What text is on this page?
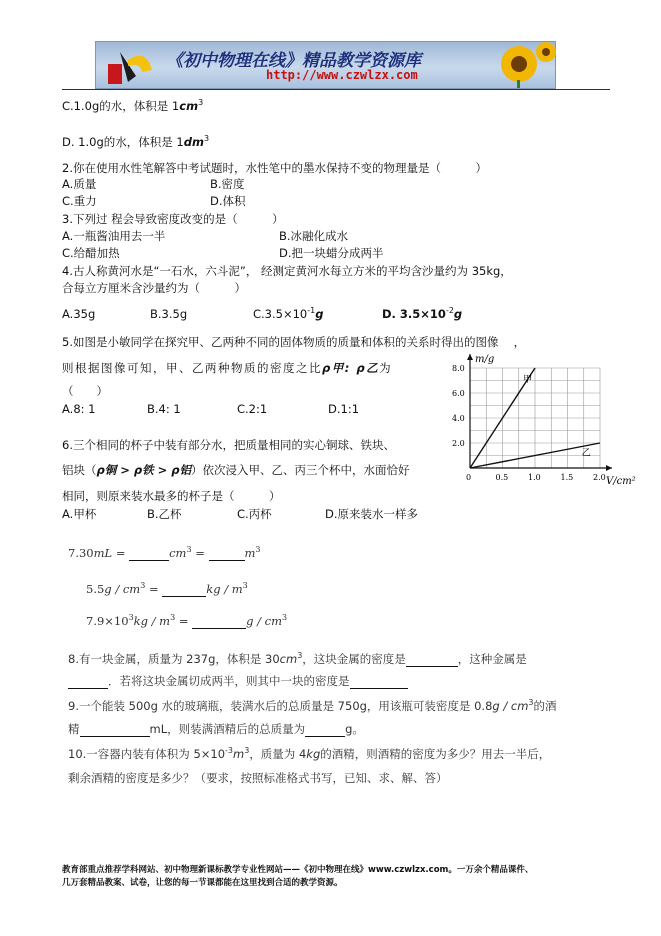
《初中物理在线》精品教学资源库
http://www.czwlzx.com
C.1.0g的水，体积是 $1cm^3$
D. 1.0g的水，体积是 $1dm^3$
2.你在使用水性笔解答中考试题时，水性笔中的墨水保持不变的物理量是（　　　）
A.质量	B.密度
C.重力	D.体积
3.下列过 程会导致密度改变的是（　　　）
A.一瓶酱油用去一半	B.冰融化成水
C.给醋加热	D.把一块蜡分成两半
4.古人称黄河水是“一石水，六斗泥”， 经测定黄河水每立方米的平均含沙量约为 35kg，
合每立方厘米含沙量约为（　　　）
A.35g	B.3.5g	$C.3.5\times 10^{-1}g$	D. $3.5\times 10^{-2}g$
5.如图是小敏同学在探究甲、乙两种不同的固体物质的质量和体积的关系时得出的图像　 ，
则根据图像可知，甲、乙两种物质的密度之比ρ甲: ρ乙为
（　　）
A.8: 1	B.4: 1	C.2:1	D.1:1
m/g
V/cm²
0	0.5 1.0 1.5 2.0
2.0
4.0
6.0
8.0
甲
乙
6.三个相同的杯子中装有部分水，把质量相同的实心铜球、铁块、
铝块（ρ铜 > ρ铁 > ρ铝）依次浸入甲、乙、丙三个杯中，水面恰好
相同，则原来装水最多的杯子是（　　　）
A.甲杯	B.乙杯	C.丙杯	D.原来装水一样多
7.30mL =	$cm^3$ =	$m^3$
$5.5g / cm^3$ =	kg / $m^3$
$7.9\times 10^3kg / m^3$ =	g / $cm^3$
8.有一块金属，质量为 237g，体积是 $30cm^3$，这块金属的密度是	，这种金属是
．若将这块金属切成两半，则其中一块的密度是
9.一个能装 500g 水的玻璃瓶，装满水后的总质量是 750g，用该瓶可装密度是 $0.8g / cm^3$的酒
精	mL，则装满酒精后的总质量为	g。
10.一容器内装有体积为 $5\times 10^{-3}m^3$，质量为 4kg的酒精，则酒精的密度为多少？用去一半后，
剩余酒精的密度是多少？（要求，按照标准格式书写，已知、求、解、答）
教育部重点推荐学科网站、初中物理新课标教学专业性网站——《初中物理在线》www.czwlzx.com。一万余个精品课件、
几万套精品教案、试卷，让您的每一节课都能在这里找到合适的教学资源。
